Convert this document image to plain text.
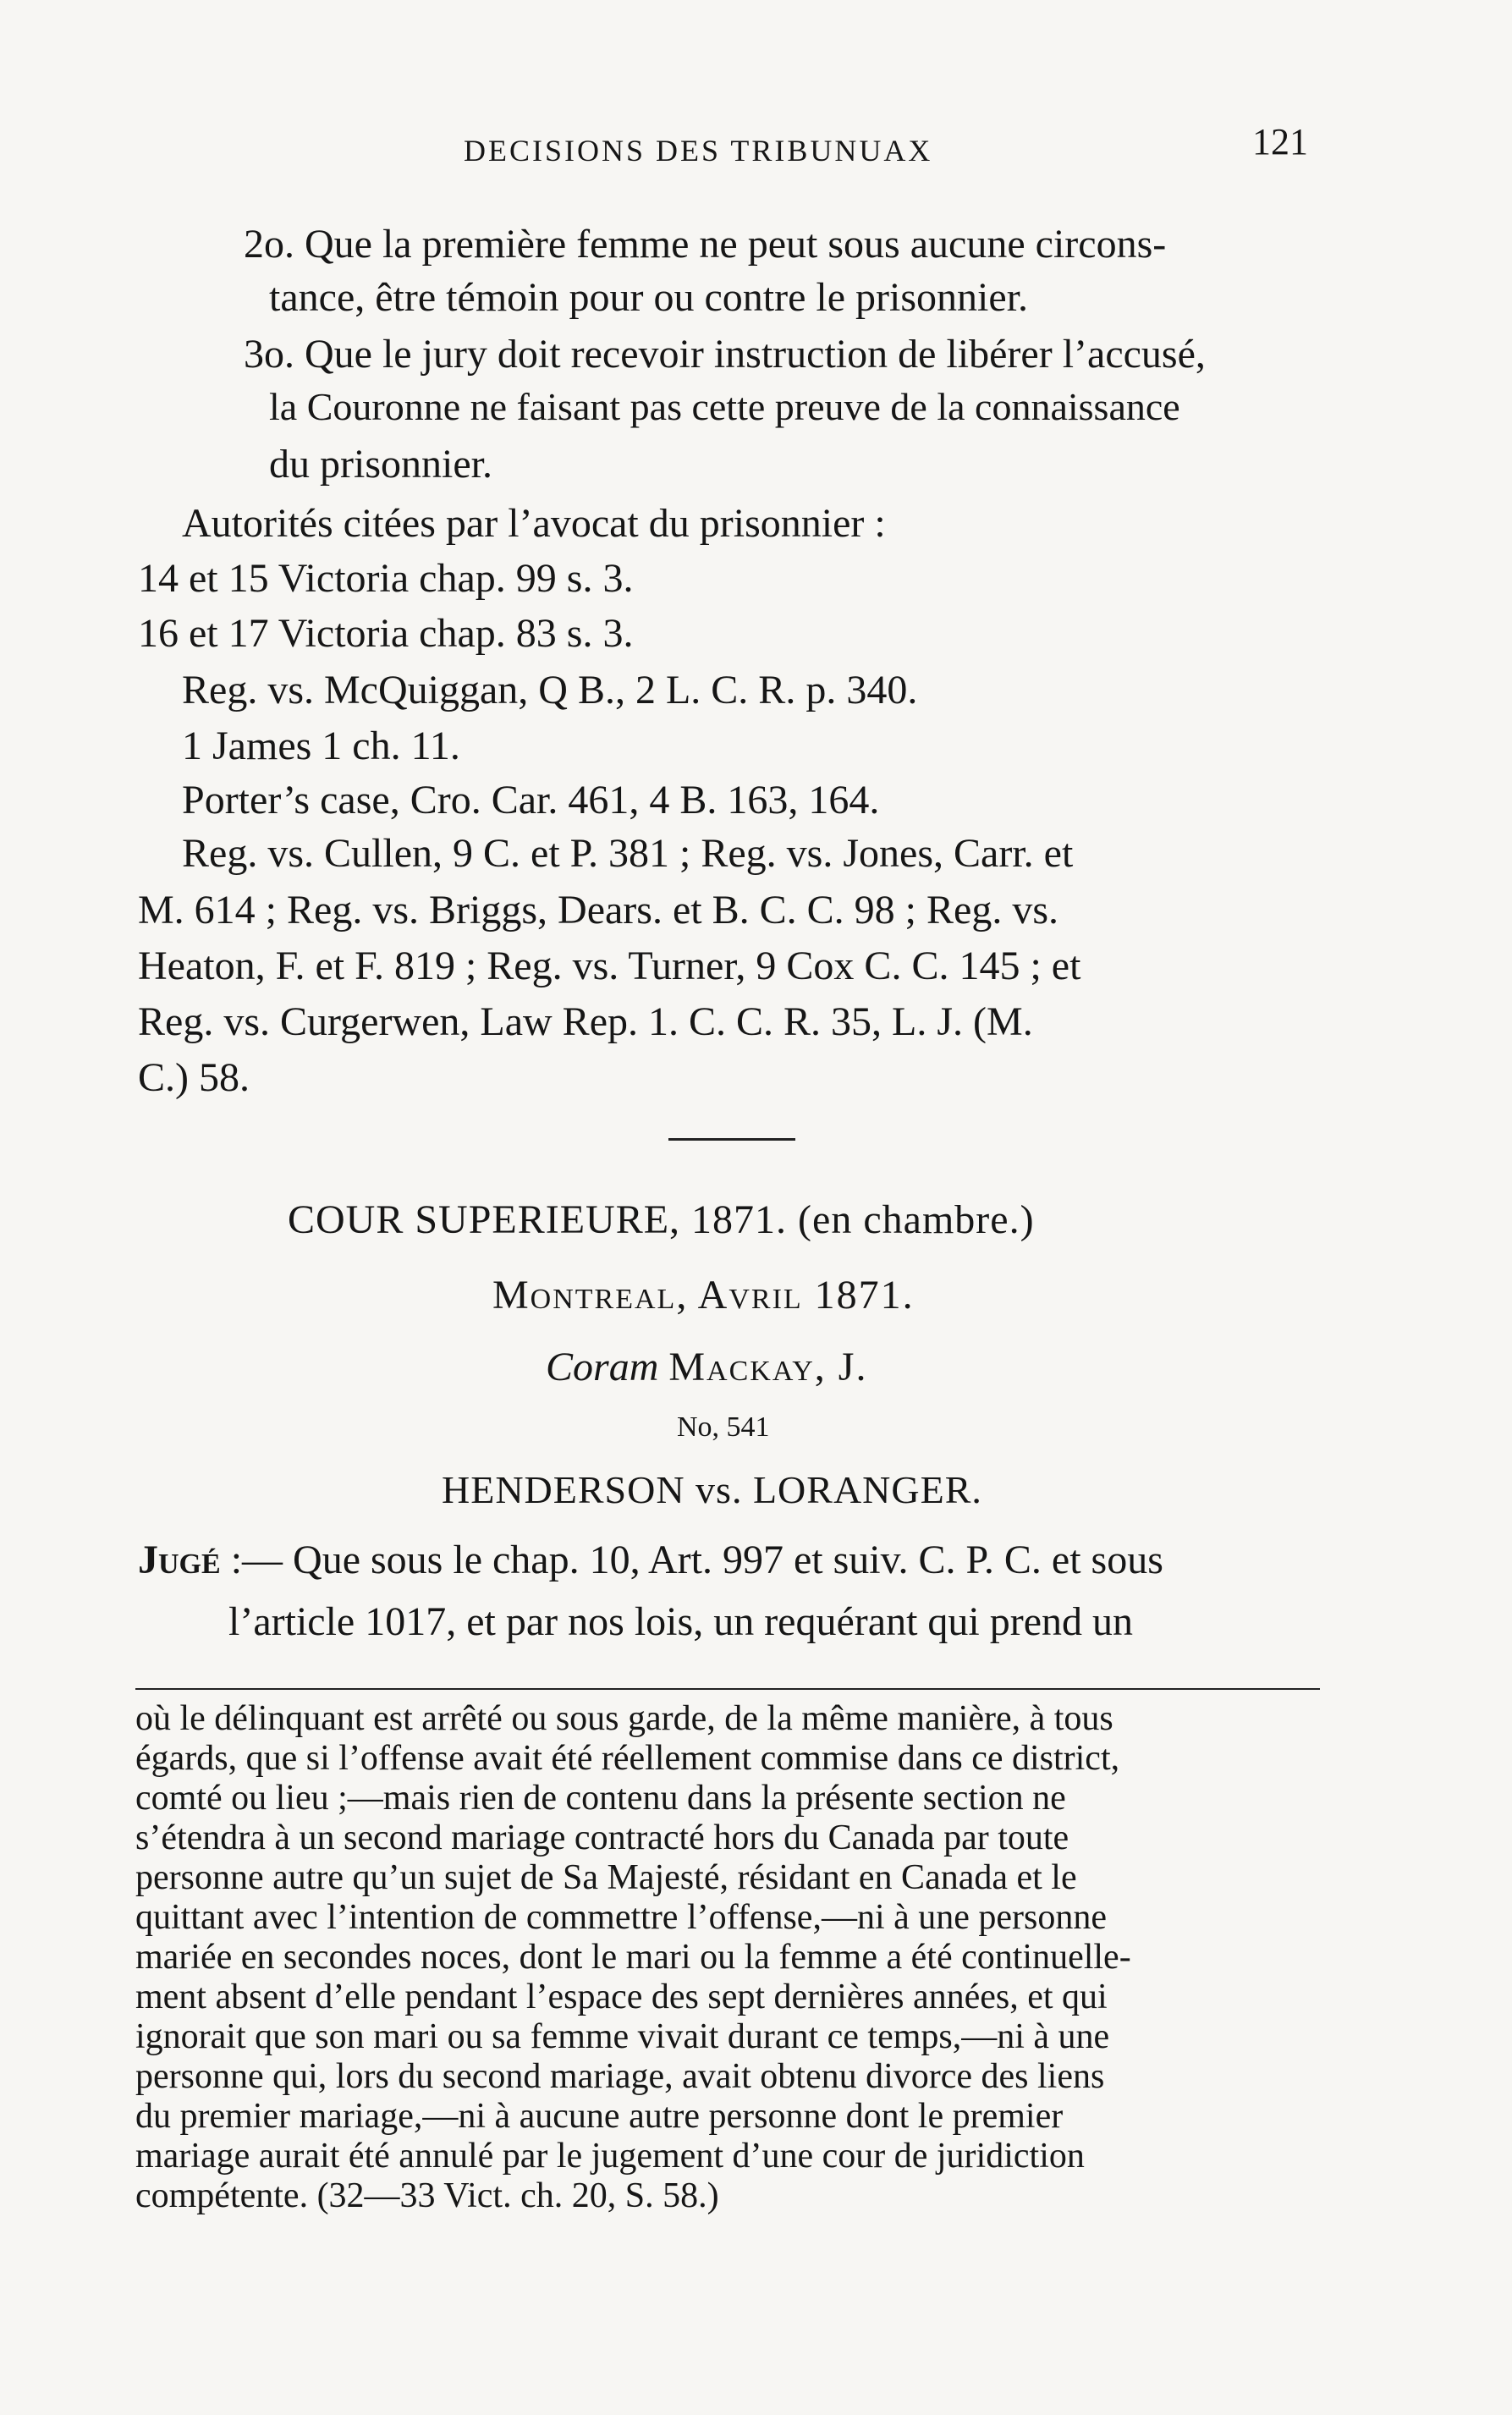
DECISIONS DES TRIBUNUAX	121
2o. Que la première femme ne peut sous aucune circons-
tance, être témoin pour ou contre le prisonnier.
3o. Que le jury doit recevoir instruction de libérer l’accusé,
la Couronne ne faisant pas cette preuve de la connaissance
du prisonnier.
Autorités citées par l’avocat du prisonnier :
14 et 15 Victoria chap. 99 s. 3.
16 et 17 Victoria chap. 83 s. 3.
Reg. vs. McQuiggan, Q B., 2 L. C. R. p. 340.
1 James 1 ch. 11.
Porter’s case, Cro. Car. 461, 4 B. 163, 164.
Reg. vs. Cullen, 9 C. et P. 381 ; Reg. vs. Jones, Carr. et
M. 614 ; Reg. vs. Briggs, Dears. et B. C. C. 98 ; Reg. vs.
Heaton, F. et F. 819 ; Reg. vs. Turner, 9 Cox C. C. 145 ; et
Reg. vs. Curgerwen, Law Rep. 1. C. C. R. 35, L. J. (M.
C.) 58.
COUR SUPERIEURE, 1871. (en chambre.)
Montreal, Avril 1871.
Coram Mackay, J.
No, 541
HENDERSON vs. LORANGER.
Jugé :— Que sous le chap. 10, Art. 997 et suiv. C. P. C. et sous
l’article 1017, et par nos lois, un requérant qui prend un
où le délinquant est arrêté ou sous garde, de la même manière, à tous
égards, que si l’offense avait été réellement commise dans ce district,
comté ou lieu ;—mais rien de contenu dans la présente section ne
s’étendra à un second mariage contracté hors du Canada par toute
personne autre qu’un sujet de Sa Majesté, résidant en Canada et le
quittant avec l’intention de commettre l’offense,—ni à une personne
mariée en secondes noces, dont le mari ou la femme a été continuelle-
ment absent d’elle pendant l’espace des sept dernières années, et qui
ignorait que son mari ou sa femme vivait durant ce temps,—ni à une
personne qui, lors du second mariage, avait obtenu divorce des liens
du premier mariage,—ni à aucune autre personne dont le premier
mariage aurait été annulé par le jugement d’une cour de juridiction
compétente. (32—33 Vict. ch. 20, S. 58.)
